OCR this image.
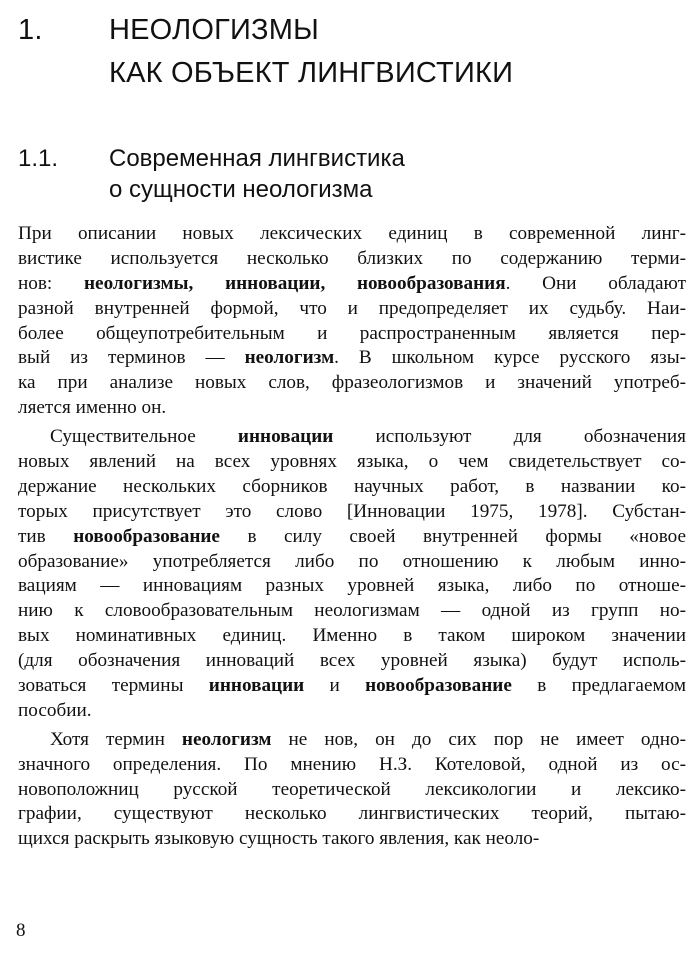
1. НЕОЛОГИЗМЫ
КАК ОБЪЕКТ ЛИНГВИСТИКИ
1.1. Современная лингвистика
о сущности неологизма
При описании новых лексических единиц в современной линг-
вистике используется несколько близких по содержанию терми-
нов: неологизмы, инновации, новообразования. Они обладают
разной внутренней формой, что и предопределяет их судьбу. Наи-
более общеупотребительным и распространенным является пер-
вый из терминов — неологизм. В школьном курсе русского язы-
ка при анализе новых слов, фразеологизмов и значений употреб-
ляется именно он.
Существительное инновации используют для обозначения
новых явлений на всех уровнях языка, о чем свидетельствует со-
держание нескольких сборников научных работ, в названии ко-
торых присутствует это слово [Инновации 1975, 1978]. Субстан-
тив новообразование в силу своей внутренней формы «новое
образование» употребляется либо по отношению к любым инно-
вациям — инновациям разных уровней языка, либо по отноше-
нию к словообразовательным неологизмам — одной из групп но-
вых номинативных единиц. Именно в таком широком значении
(для обозначения инноваций всех уровней языка) будут исполь-
зоваться термины инновации и новообразование в предлагаемом
пособии.
Хотя термин неологизм не нов, он до сих пор не имеет одно-
значного определения. По мнению Н.З. Котеловой, одной из ос-
новоположниц русской теоретической лексикологии и лексико-
графии, существуют несколько лингвистических теорий, пытаю-
щихся раскрыть языковую сущность такого явления, как неоло-
8
